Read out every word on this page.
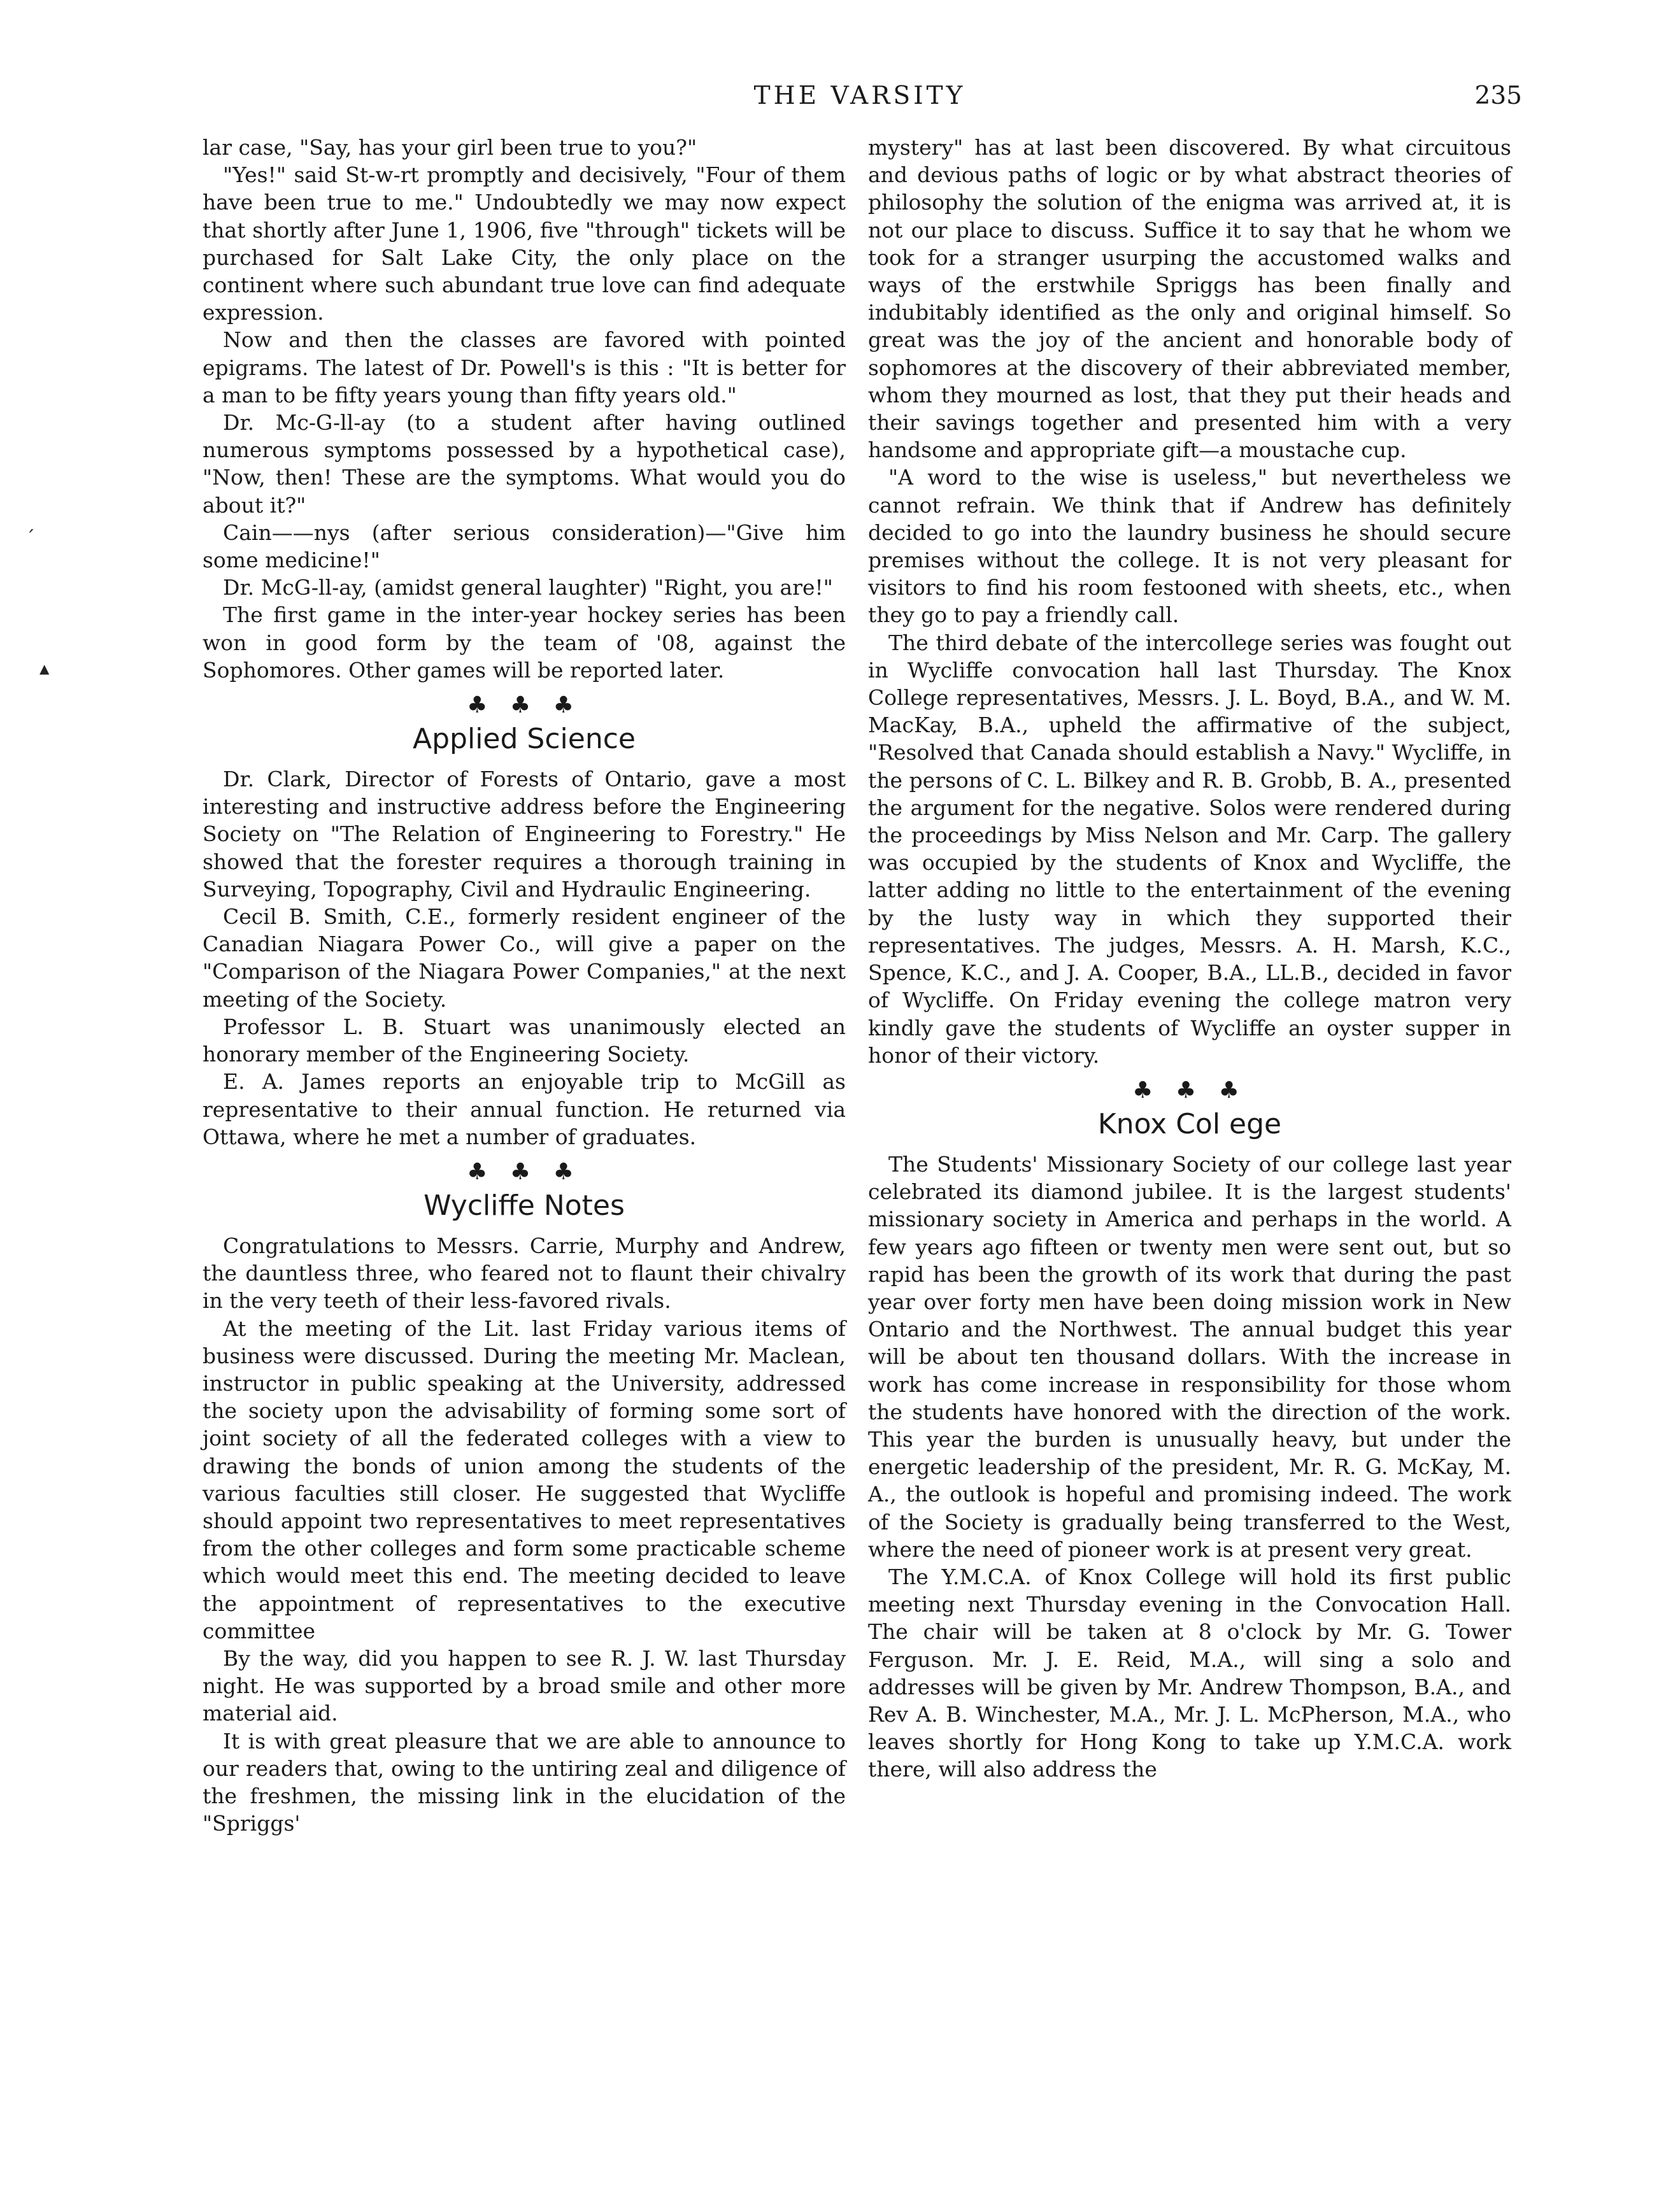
THE VARSITY	235
ˊ
▲

lar case, "Say, has your girl been true to you?"

"Yes!" said St-w-rt promptly and decisively, "Four of them have been true to me." Undoubtedly we may now expect that shortly after June 1, 1906, five "through" tickets will be purchased for Salt Lake City, the only place on the continent where such abundant true love can find adequate expression.

Now and then the classes are favored with pointed epigrams. The latest of Dr. Powell's is this : "It is better for a man to be fifty years young than fifty years old."

Dr. Mc-G-ll-ay (to a student after having outlined numerous symptoms possessed by a hypothetical case), "Now, then! These are the symptoms. What would you do about it?"

Cain——nys (after serious consideration)—"Give him some medicine!"

Dr. McG-ll-ay, (amidst general laughter) "Right, you are!"

The first game in the inter-year hockey series has been won in good form by the team of '08, against the Sophomores. Other games will be reported later.

♣ ♣ ♣
Applied Science

Dr. Clark, Director of Forests of Ontario, gave a most interesting and instructive address before the Engineering Society on "The Relation of Engineering to Forestry." He showed that the forester requires a thorough training in Surveying, Topography, Civil and Hydraulic Engineering.

Cecil B. Smith, C.E., formerly resident engineer of the Canadian Niagara Power Co., will give a paper on the "Comparison of the Niagara Power Companies," at the next meeting of the Society.

Professor L. B. Stuart was unanimously elected an honorary member of the Engineering Society.

E. A. James reports an enjoyable trip to McGill as representative to their annual function. He returned via Ottawa, where he met a number of graduates.

♣ ♣ ♣
Wycliffe Notes

Congratulations to Messrs. Carrie, Murphy and Andrew, the dauntless three, who feared not to flaunt their chivalry in the very teeth of their less-favored rivals.

At the meeting of the Lit. last Friday various items of business were discussed. During the meeting Mr. Maclean, instructor in public speaking at the University, addressed the society upon the advisability of forming some sort of joint society of all the federated colleges with a view to drawing the bonds of union among the students of the various faculties still closer. He suggested that Wycliffe should appoint two representatives to meet representatives from the other colleges and form some practicable scheme which would meet this end. The meeting decided to leave the appointment of representatives to the executive committee

By the way, did you happen to see R. J. W. last Thursday night. He was supported by a broad smile and other more material aid.

It is with great pleasure that we are able to announce to our readers that, owing to the untiring zeal and diligence of the freshmen, the missing link in the elucidation of the "Spriggs'

mystery" has at last been discovered. By what circuitous and devious paths of logic or by what abstract theories of philosophy the solution of the enigma was arrived at, it is not our place to discuss. Suffice it to say that he whom we took for a stranger usurping the accustomed walks and ways of the erstwhile Spriggs has been finally and indubitably identified as the only and original himself. So great was the joy of the ancient and honorable body of sophomores at the discovery of their abbreviated member, whom they mourned as lost, that they put their heads and their savings together and presented him with a very handsome and appropriate gift—a moustache cup.

"A word to the wise is useless," but nevertheless we cannot refrain. We think that if Andrew has definitely decided to go into the laundry business he should secure premises without the college. It is not very pleasant for visitors to find his room festooned with sheets, etc., when they go to pay a friendly call.

The third debate of the intercollege series was fought out in Wycliffe convocation hall last Thursday. The Knox College representatives, Messrs. J. L. Boyd, B.A., and W. M. MacKay, B.A., upheld the affirmative of the subject, "Resolved that Canada should establish a Navy." Wycliffe, in the persons of C. L. Bilkey and R. B. Grobb, B. A., presented the argument for the negative. Solos were rendered during the proceedings by Miss Nelson and Mr. Carp. The gallery was occupied by the students of Knox and Wycliffe, the latter adding no little to the entertainment of the evening by the lusty way in which they supported their representatives. The judges, Messrs. A. H. Marsh, K.C., Spence, K.C., and J. A. Cooper, B.A., LL.B., decided in favor of Wycliffe. On Friday evening the college matron very kindly gave the students of Wycliffe an oyster supper in honor of their victory.

♣ ♣ ♣
Knox Col ege

The Students' Missionary Society of our college last year celebrated its diamond jubilee. It is the largest students' missionary society in America and perhaps in the world. A few years ago fifteen or twenty men were sent out, but so rapid has been the growth of its work that during the past year over forty men have been doing mission work in New Ontario and the Northwest. The annual budget this year will be about ten thousand dollars. With the increase in work has come increase in responsibility for those whom the students have honored with the direction of the work. This year the burden is unusually heavy, but under the energetic leadership of the president, Mr. R. G. McKay, M. A., the outlook is hopeful and promising indeed. The work of the Society is gradually being transferred to the West, where the need of pioneer work is at present very great.

The Y.M.C.A. of Knox College will hold its first public meeting next Thursday evening in the Convocation Hall. The chair will be taken at 8 o'clock by Mr. G. Tower Ferguson. Mr. J. E. Reid, M.A., will sing a solo and addresses will be given by Mr. Andrew Thompson, B.A., and Rev A. B. Winchester, M.A., Mr. J. L. McPherson, M.A., who leaves shortly for Hong Kong to take up Y.M.C.A. work there, will also address the
